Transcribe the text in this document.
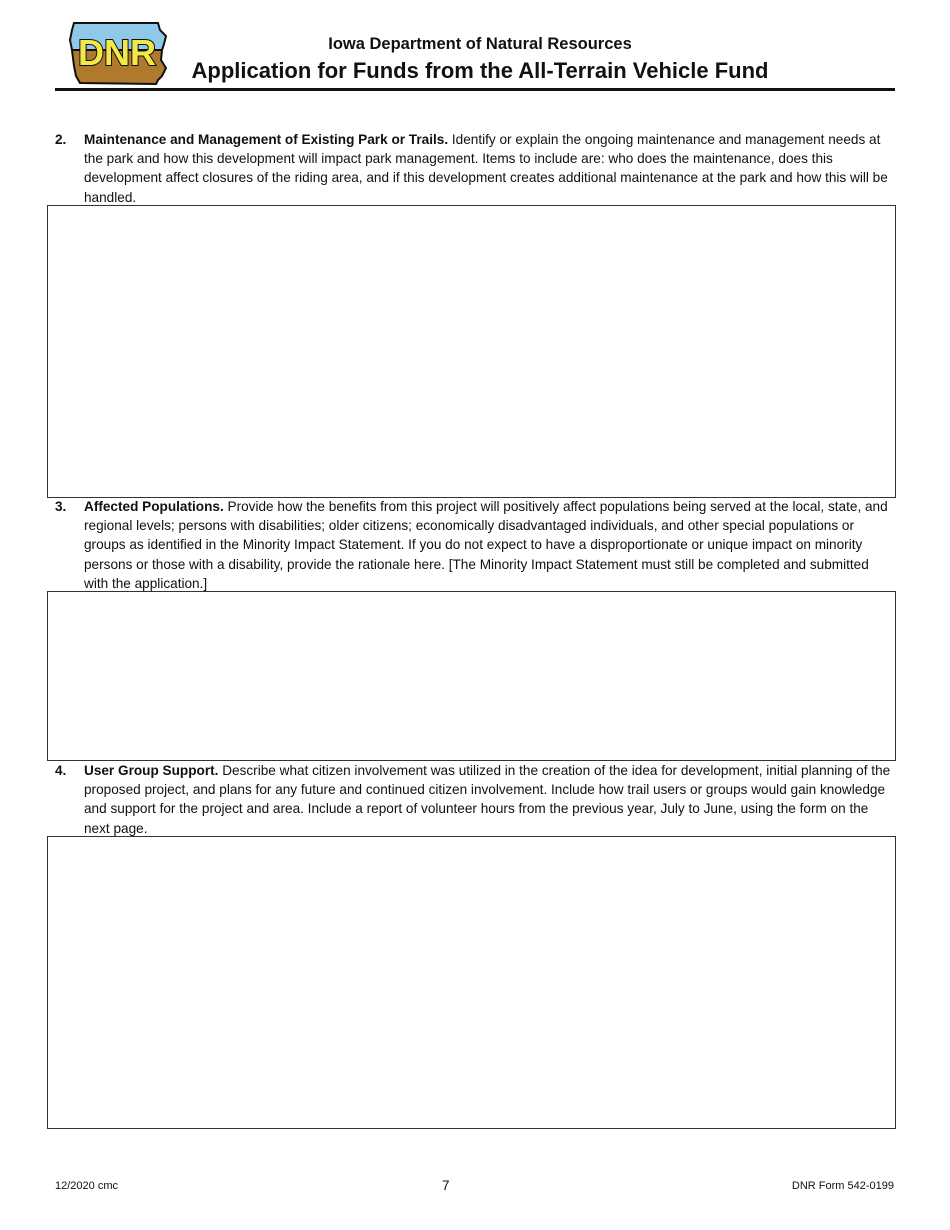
DNR	Iowa Department of Natural Resources
Application for Funds from the All-Terrain Vehicle Fund
2. Maintenance and Management of Existing Park or Trails. Identify or explain the ongoing maintenance and management needs at the park and how this development will impact park management. Items to include are: who does the maintenance, does this development affect closures of the riding area, and if this development creates additional maintenance at the park and how this will be handled.
3. Affected Populations. Provide how the benefits from this project will positively affect populations being served at the local, state, and regional levels; persons with disabilities; older citizens; economically disadvantaged individuals, and other special populations or groups as identified in the Minority Impact Statement. If you do not expect to have a disproportionate or unique impact on minority persons or those with a disability, provide the rationale here. [The Minority Impact Statement must still be completed and submitted with the application.]
4. User Group Support. Describe what citizen involvement was utilized in the creation of the idea for development, initial planning of the proposed project, and plans for any future and continued citizen involvement. Include how trail users or groups would gain knowledge and support for the project and area. Include a report of volunteer hours from the previous year, July to June, using the form on the next page.
12/2020 cmc	7	DNR Form 542-0199
